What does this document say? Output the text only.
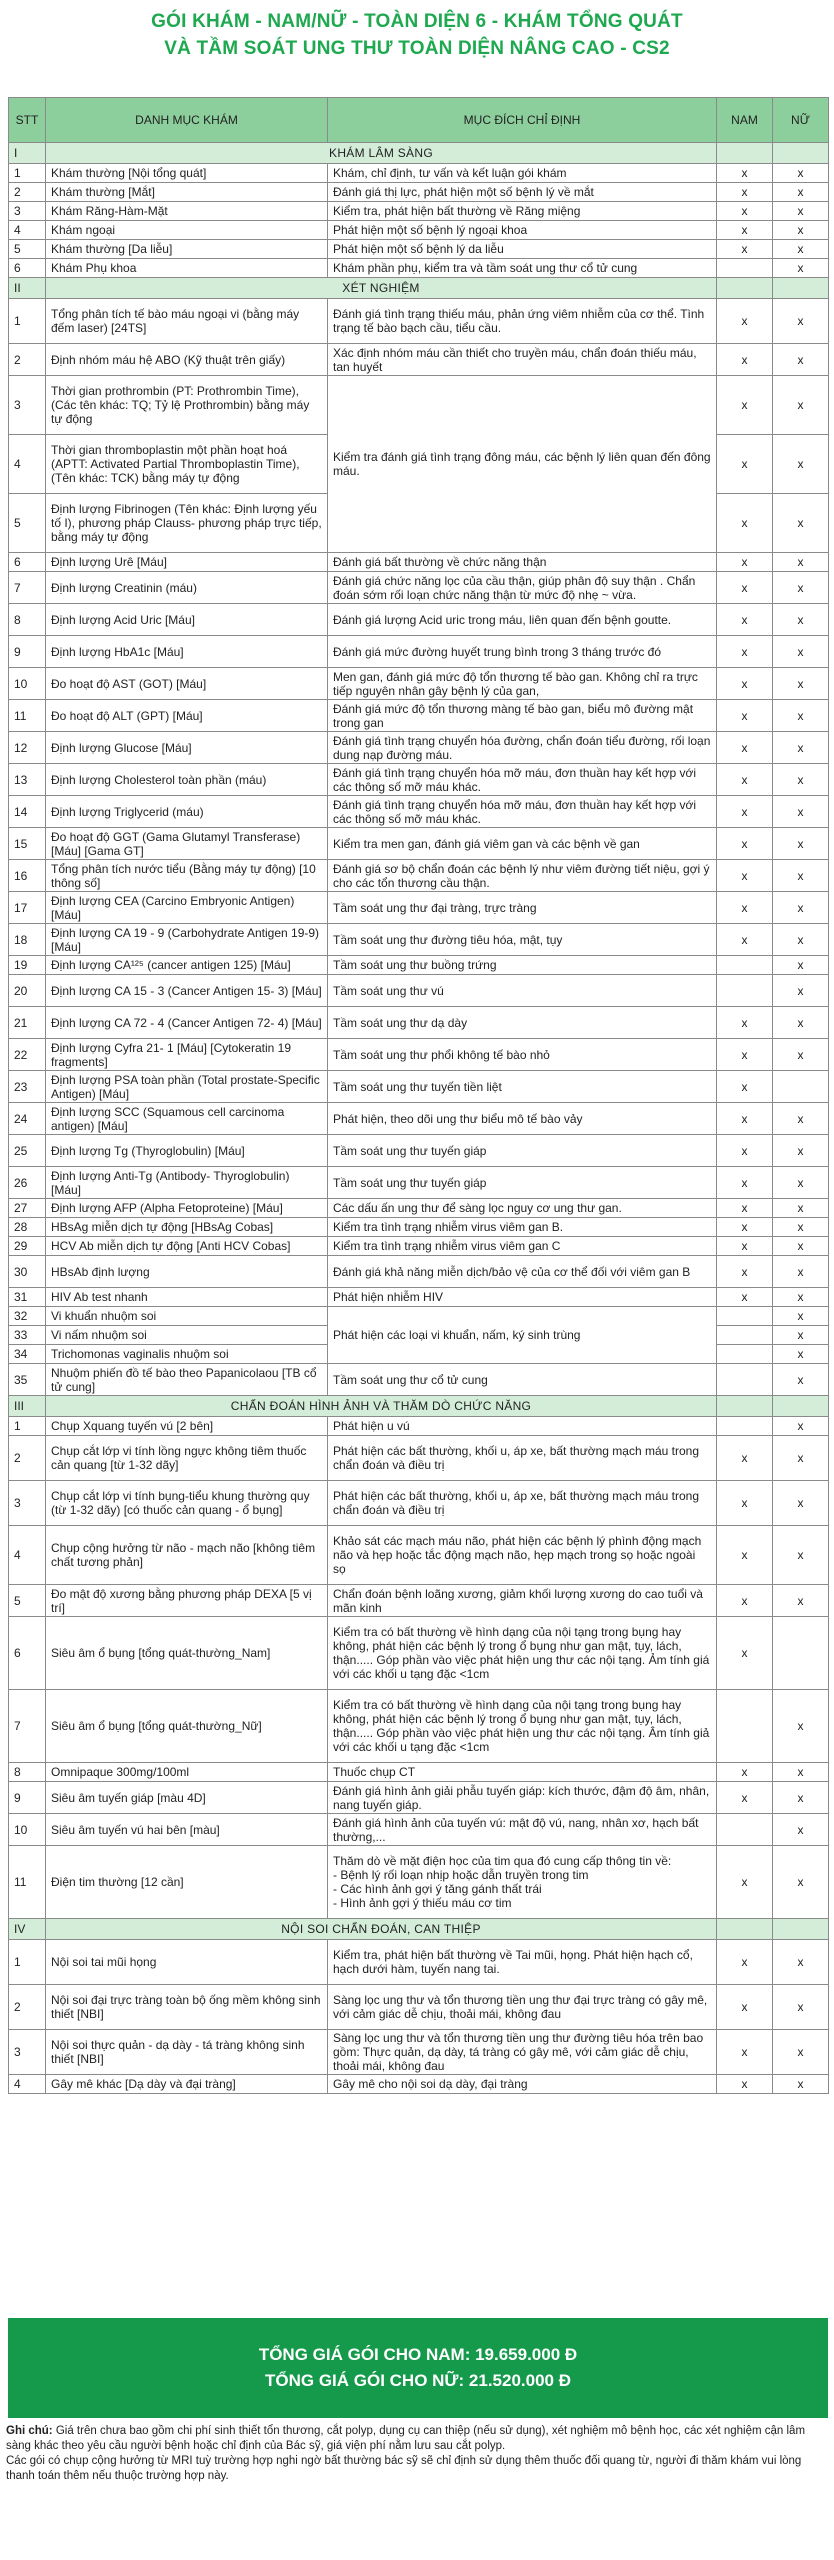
GÓI KHÁM - NAM/NỮ - TOÀN DIỆN 6 - KHÁM TỔNG QUÁT
VÀ TẦM SOÁT UNG THƯ TOÀN DIỆN NÂNG CAO - CS2
STT	DANH MỤC KHÁM	MỤC ĐÍCH CHỈ ĐỊNH	NAM	NỮ
I	KHÁM LÂM SÀNG			
1	Khám thường [Nội tổng quát]	Khám, chỉ định, tư vấn và kết luận gói khám	x	x
2	Khám thường [Mắt]	Đánh giá thị lực, phát hiện một số bệnh lý về mắt	x	x
3	Khám Răng-Hàm-Mặt	Kiểm tra, phát hiện bất thường về Răng miệng	x	x
4	Khám ngoại	Phát hiện một số bệnh lý ngoại khoa	x	x
5	Khám thường [Da liễu]	Phát hiện một số bệnh lý da liễu	x	x
6	Khám Phụ khoa	Khám phần phụ, kiểm tra và tầm soát ung thư cổ tử cung		x
II	XÉT NGHIỆM			
1	Tổng phân tích tế bào máu ngoại vi (bằng máy đếm laser) [24TS]	Đánh giá tình trạng thiếu máu, phản ứng viêm nhiễm của cơ thể. Tình trạng tế bào bạch cầu, tiểu cầu.	x	x
2	Định nhóm máu hệ ABO (Kỹ thuật trên giấy)	Xác định nhóm máu cần thiết cho truyền máu, chẩn đoán thiếu máu, tan huyết	x	x
3	Thời gian prothrombin (PT: Prothrombin Time), (Các tên khác: TQ; Tỷ lệ Prothrombin) bằng máy tự động	Kiểm tra đánh giá tình trạng đông máu, các bệnh lý liên quan đến đông máu.	x	x
4	Thời gian thromboplastin một phần hoạt hoá (APTT: Activated Partial Thromboplastin Time), (Tên khác: TCK) bằng máy tự động		x	x
5	Định lượng Fibrinogen (Tên khác: Định lượng yếu tố I), phương pháp Clauss- phương pháp trực tiếp, bằng máy tự động		x	x
6	Định lượng Urê [Máu]	Đánh giá bất thường về chức năng thận	x	x
7	Định lượng Creatinin (máu)	Đánh giá chức năng lọc của cầu thận, giúp phân độ suy thận . Chẩn đoán sớm rối loạn chức năng thận từ mức độ nhẹ ~ vừa.	x	x
8	Định lượng Acid Uric [Máu]	Đánh giá lượng Acid uric trong máu, liên quan đến bệnh goutte.	x	x
9	Định lượng HbA1c [Máu]	Đánh giá mức đường huyết trung bình trong 3 tháng trước đó	x	x
10	Đo hoạt độ AST (GOT) [Máu]	Men gan, đánh giá mức độ tổn thương tế bào gan. Không chỉ ra trực tiếp nguyên nhân gây bệnh lý của gan,	x	x
11	Đo hoạt độ ALT (GPT) [Máu]	Đánh giá mức độ tổn thương màng tế bào gan, biểu mô đường mật trong gan	x	x
12	Định lượng Glucose [Máu]	Đánh giá tình trạng chuyển hóa đường, chẩn đoán tiểu đường, rối loạn dung nạp đường máu.	x	x
13	Định lượng Cholesterol toàn phần (máu)	Đánh giá tình trạng chuyển hóa mỡ máu, đơn thuần hay kết hợp với các thông số mỡ máu khác.	x	x
14	Định lượng Triglycerid (máu)	Đánh giá tình trạng chuyển hóa mỡ máu, đơn thuần hay kết hợp với các thông số mỡ máu khác.	x	x
15	Đo hoạt độ GGT (Gama Glutamyl Transferase) [Máu] [Gama GT]	Kiểm tra men gan, đánh giá viêm gan và các bệnh về gan	x	x
16	Tổng phân tích nước tiểu (Bằng máy tự động) [10 thông số]	Đánh giá sơ bộ chẩn đoán các bệnh lý như viêm đường tiết niệu, gợi ý cho các tổn thương cầu thận.	x	x
17	Định lượng CEA (Carcino Embryonic Antigen) [Máu]	Tầm soát ung thư đại tràng, trực tràng	x	x
18	Định lượng CA 19 - 9 (Carbohydrate Antigen 19-9) [Máu]	Tầm soát ung thư đường tiêu hóa, mật, tụy	x	x
19	Định lượng CA¹²⁵ (cancer antigen 125) [Máu]	Tầm soát ung thư buồng trứng		x
20	Định lượng CA 15 - 3 (Cancer Antigen 15- 3) [Máu]	Tầm soát ung thư vú		x
21	Định lượng CA 72 - 4 (Cancer Antigen 72- 4) [Máu]	Tầm soát ung thư dạ dày	x	x
22	Định lượng Cyfra 21- 1 [Máu] [Cytokeratin 19 fragments]	Tầm soát ung thư phổi không tế bào nhỏ	x	x
23	Định lượng PSA toàn phần (Total prostate-Specific Antigen) [Máu]	Tầm soát ung thư tuyến tiền liệt	x	
24	Định lượng SCC (Squamous cell carcinoma antigen) [Máu]	Phát hiện, theo dõi ung thư biểu mô tế bào vảy	x	x
25	Định lượng Tg (Thyroglobulin) [Máu]	Tầm soát ung thư tuyến giáp	x	x
26	Định lượng Anti-Tg (Antibody- Thyroglobulin) [Máu]	Tầm soát ung thư tuyến giáp	x	x
27	Định lượng AFP (Alpha Fetoproteine) [Máu]	Các dấu ấn ung thư để sàng lọc nguy cơ ung thư gan.	x	x
28	HBsAg miễn dịch tự động [HBsAg Cobas]	Kiểm tra tình trạng nhiễm virus viêm gan B.	x	x
29	HCV Ab miễn dịch tự động [Anti HCV Cobas]	Kiểm tra tình trạng nhiễm virus viêm gan C	x	x
30	HBsAb định lượng	Đánh giá khả năng miễn dịch/bảo vệ của cơ thể đối với viêm gan B	x	x
31	HIV Ab test nhanh	Phát hiện nhiễm HIV	x	x
32	Vi khuẩn nhuộm soi	Phát hiện các loại vi khuẩn, nấm, ký sinh trùng		x
33	Vi nấm nhuộm soi			x
34	Trichomonas vaginalis nhuộm soi			x
35	Nhuộm phiến đồ tế bào theo Papanicolaou [TB cổ tử cung]	Tầm soát ung thư cổ tử cung		x
III	CHẨN ĐOÁN HÌNH ẢNH VÀ THĂM DÒ CHỨC NĂNG			
1	Chụp Xquang tuyến vú [2 bên]	Phát hiện u vú		x
2	Chụp cắt lớp vi tính lồng ngực không tiêm thuốc cản quang [từ 1-32 dãy]	Phát hiện các bất thường, khối u, áp xe, bất thường mạch máu trong chẩn đoán và điều trị	x	x
3	Chụp cắt lớp vi tính bụng-tiểu khung thường quy (từ 1-32 dãy) [có thuốc cản quang - ổ bụng]	Phát hiện các bất thường, khối u, áp xe, bất thường mạch máu trong chẩn đoán và điều trị	x	x
4	Chụp cộng hưởng từ não - mạch não [không tiêm chất tương phản]	Khảo sát các mạch máu não, phát hiện các bệnh lý phình động mạch não và hẹp hoặc tắc động mạch não, hẹp mạch trong sọ hoặc ngoài sọ	x	x
5	Đo mật độ xương bằng phương pháp DEXA [5 vị trí]	Chẩn đoán bệnh loãng xương, giảm khối lượng xương do cao tuổi và mãn kinh	x	x
6	Siêu âm ổ bụng [tổng quát-thường_Nam]	Kiểm tra có bất thường về hình dạng của nội tạng trong bụng hay không, phát hiện các bệnh lý trong ổ bụng như gan mật, tụy, lách, thận..... Góp phần vào việc phát hiện ung thư các nội tạng. Ảm tính giá với các khối u tạng đặc <1cm	x	
7	Siêu âm ổ bụng [tổng quát-thường_Nữ]	Kiểm tra có bất thường về hình dạng của nội tạng trong bụng hay không, phát hiện các bệnh lý trong ổ bụng như gan mật, tụy, lách, thận..... Góp phần vào việc phát hiện ung thư các nội tạng. Âm tính giả với các khối u tạng đặc <1cm		x
8	Omnipaque 300mg/100ml	Thuốc chụp CT	x	x
9	Siêu âm tuyến giáp [màu 4D]	Đánh giá hình ảnh giải phẫu tuyến giáp: kích thước, đậm độ âm, nhân, nang tuyến giáp.	x	x
10	Siêu âm tuyến vú hai bên [màu]	Đánh giá hình ảnh của tuyến vú: mật độ vú, nang, nhân xơ, hạch bất thường,...		x
11	Điện tim thường [12 cần]	Thăm dò về mặt điện học của tim qua đó cung cấp thông tin về:
- Bệnh lý rối loạn nhịp hoặc dẫn truyền trong tim
- Các hình ảnh gợi ý tăng gánh thất trái
- Hình ảnh gợi ý thiếu máu cơ tim	x	x
IV	NỘI SOI CHẨN ĐOÁN, CAN THIỆP			
1	Nội soi tai mũi họng	Kiểm tra, phát hiện bất thường về Tai mũi, họng. Phát hiện hạch cổ, hạch dưới hàm, tuyến nang tai.	x	x
2	Nội soi đại trực tràng toàn bộ ống mềm không sinh thiết [NBI]	Sàng lọc ung thư và tổn thương tiền ung thư đại trực tràng có gây mê, với cảm giác dễ chịu, thoải mái, không đau	x	x
3	Nội soi thực quản - dạ dày - tá tràng không sinh thiết [NBI]	Sàng lọc ung thư và tổn thương tiền ung thư đường tiêu hóa trên bao gồm: Thực quản, dạ dày, tá tràng có gây mê, với cảm giác dễ chịu, thoải mái, không đau	x	x
4	Gây mê khác [Dạ dày và đại tràng]	Gây mê cho nội soi dạ dày, đại tràng	x	x
TỔNG GIÁ GÓI CHO NAM: 19.659.000 Đ
TỔNG GIÁ GÓI CHO NỮ: 21.520.000 Đ
Ghi chú: Giá trên chưa bao gồm chi phí sinh thiết tổn thương, cắt polyp, dụng cụ can thiệp (nếu sử dụng), xét nghiệm mô bệnh học, các xét nghiệm cận lâm sàng khác theo yêu cầu người bệnh hoặc chỉ định của Bác sỹ, giá viện phí nằm lưu sau cắt polyp.
Các gói có chụp cộng hưởng từ MRI tuỳ trường hợp nghi ngờ bất thường bác sỹ sẽ chỉ định sử dụng thêm thuốc đối quang từ, người đi thăm khám vui lòng thanh toán thêm nếu thuộc trường hợp này.
